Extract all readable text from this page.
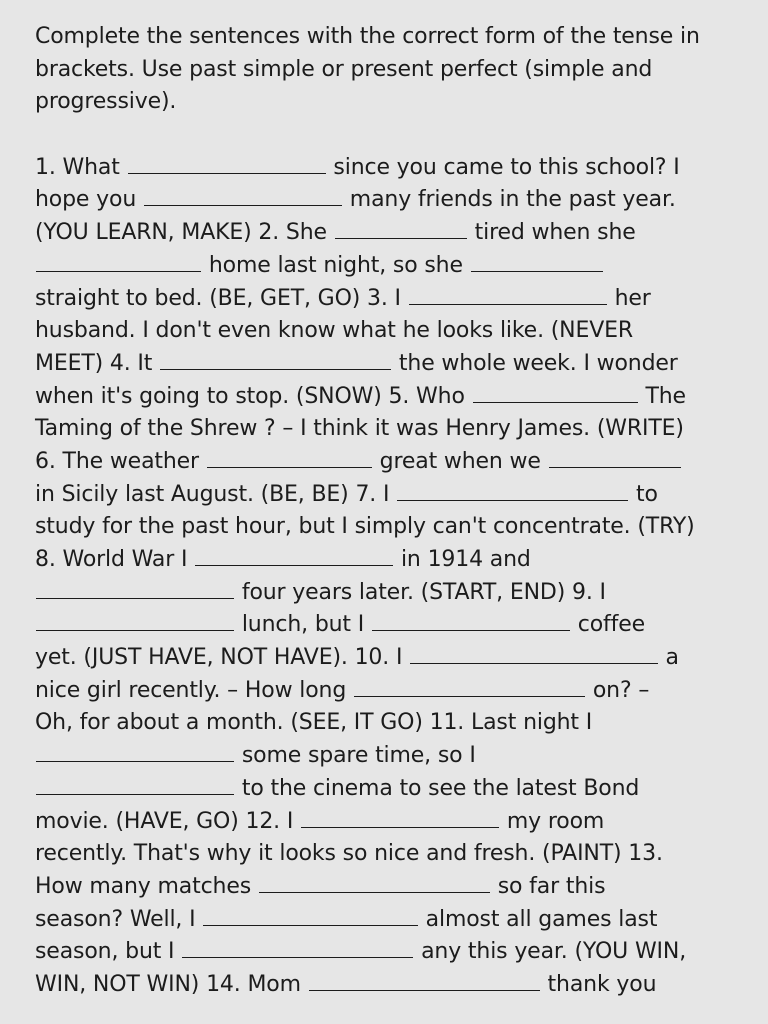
Complete the sentences with the correct form of the tense in
brackets. Use past simple or present perfect (simple and
progressive).
1. What	since you came to this school? I
hope you	many friends in the past year.
(YOU LEARN, MAKE) 2. She	tired when she
home last night, so she
straight to bed. (BE, GET, GO) 3. I	her
husband. I don't even know what he looks like. (NEVER
MEET) 4. It	the whole week. I wonder
when it's going to stop. (SNOW) 5. Who	The
Taming of the Shrew ? – I think it was Henry James. (WRITE)
6. The weather	great when we
in Sicily last August. (BE, BE) 7. I	to
study for the past hour, but I simply can't concentrate. (TRY)
8. World War I	in 1914 and
four years later. (START, END) 9. I
lunch, but I	coffee
yet. (JUST HAVE, NOT HAVE). 10. I	a
nice girl recently. – How long	on? –
Oh, for about a month. (SEE, IT GO) 11. Last night I
some spare time, so I
to the cinema to see the latest Bond
movie. (HAVE, GO) 12. I	my room
recently. That's why it looks so nice and fresh. (PAINT) 13.
How many matches	so far this
season? Well, I	almost all games last
season, but I	any this year. (YOU WIN,
WIN, NOT WIN) 14. Mom	thank you
